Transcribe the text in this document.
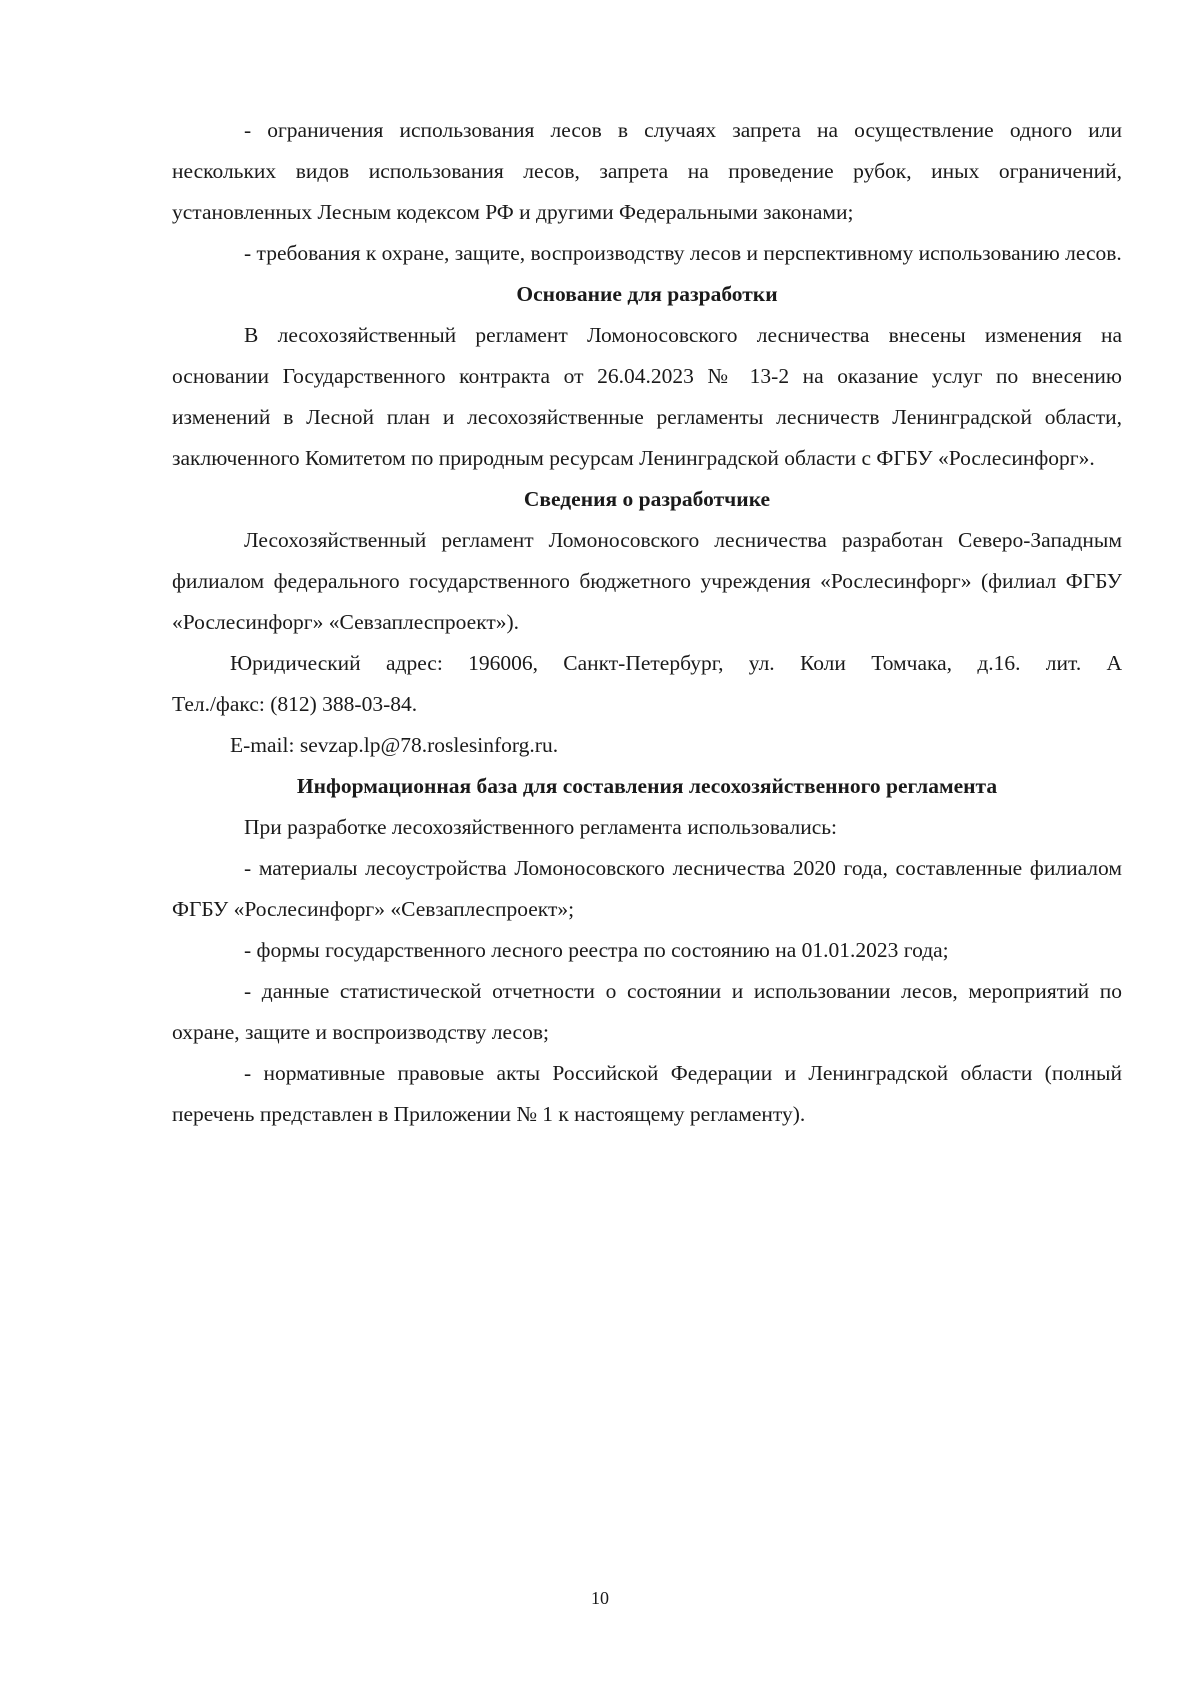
- ограничения использования лесов в случаях запрета на осуществление одного или нескольких видов использования лесов, запрета на проведение рубок, иных ограничений, установленных Лесным кодексом РФ и другими Федеральными законами;

- требования к охране, защите, воспроизводству лесов и перспективному использованию лесов.

Основание для разработки

В лесохозяйственный регламент Ломоносовского лесничества внесены изменения на основании Государственного контракта от 26.04.2023 № 13-2 на оказание услуг по внесению изменений в Лесной план и лесохозяйственные регламенты лесничеств Ленинградской области, заключенного Комитетом по природным ресурсам Ленинградской области с ФГБУ «Рослесинфорг».

Сведения о разработчике

Лесохозяйственный регламент Ломоносовского лесничества разработан Северо-Западным филиалом федерального государственного бюджетного учреждения «Рослесинфорг» (филиал ФГБУ «Рослесинфорг» «Севзаплеспроект»).

Юридический адрес: 196006, Санкт-Петербург, ул. Коли Томчака, д.16. лит. А

Тел./факс: (812) 388-03-84.

E-mail: sevzap.lp@78.roslesinforg.ru.

Информационная база для составления лесохозяйственного регламента

При разработке лесохозяйственного регламента использовались:

- материалы лесоустройства Ломоносовского лесничества 2020 года, составленные филиалом ФГБУ «Рослесинфорг» «Севзаплеспроект»;

- формы государственного лесного реестра по состоянию на 01.01.2023 года;

- данные статистической отчетности о состоянии и использовании лесов, мероприятий по охране, защите и воспроизводству лесов;

- нормативные правовые акты Российской Федерации и Ленинградской области (полный перечень представлен в Приложении № 1 к настоящему регламенту).

10
